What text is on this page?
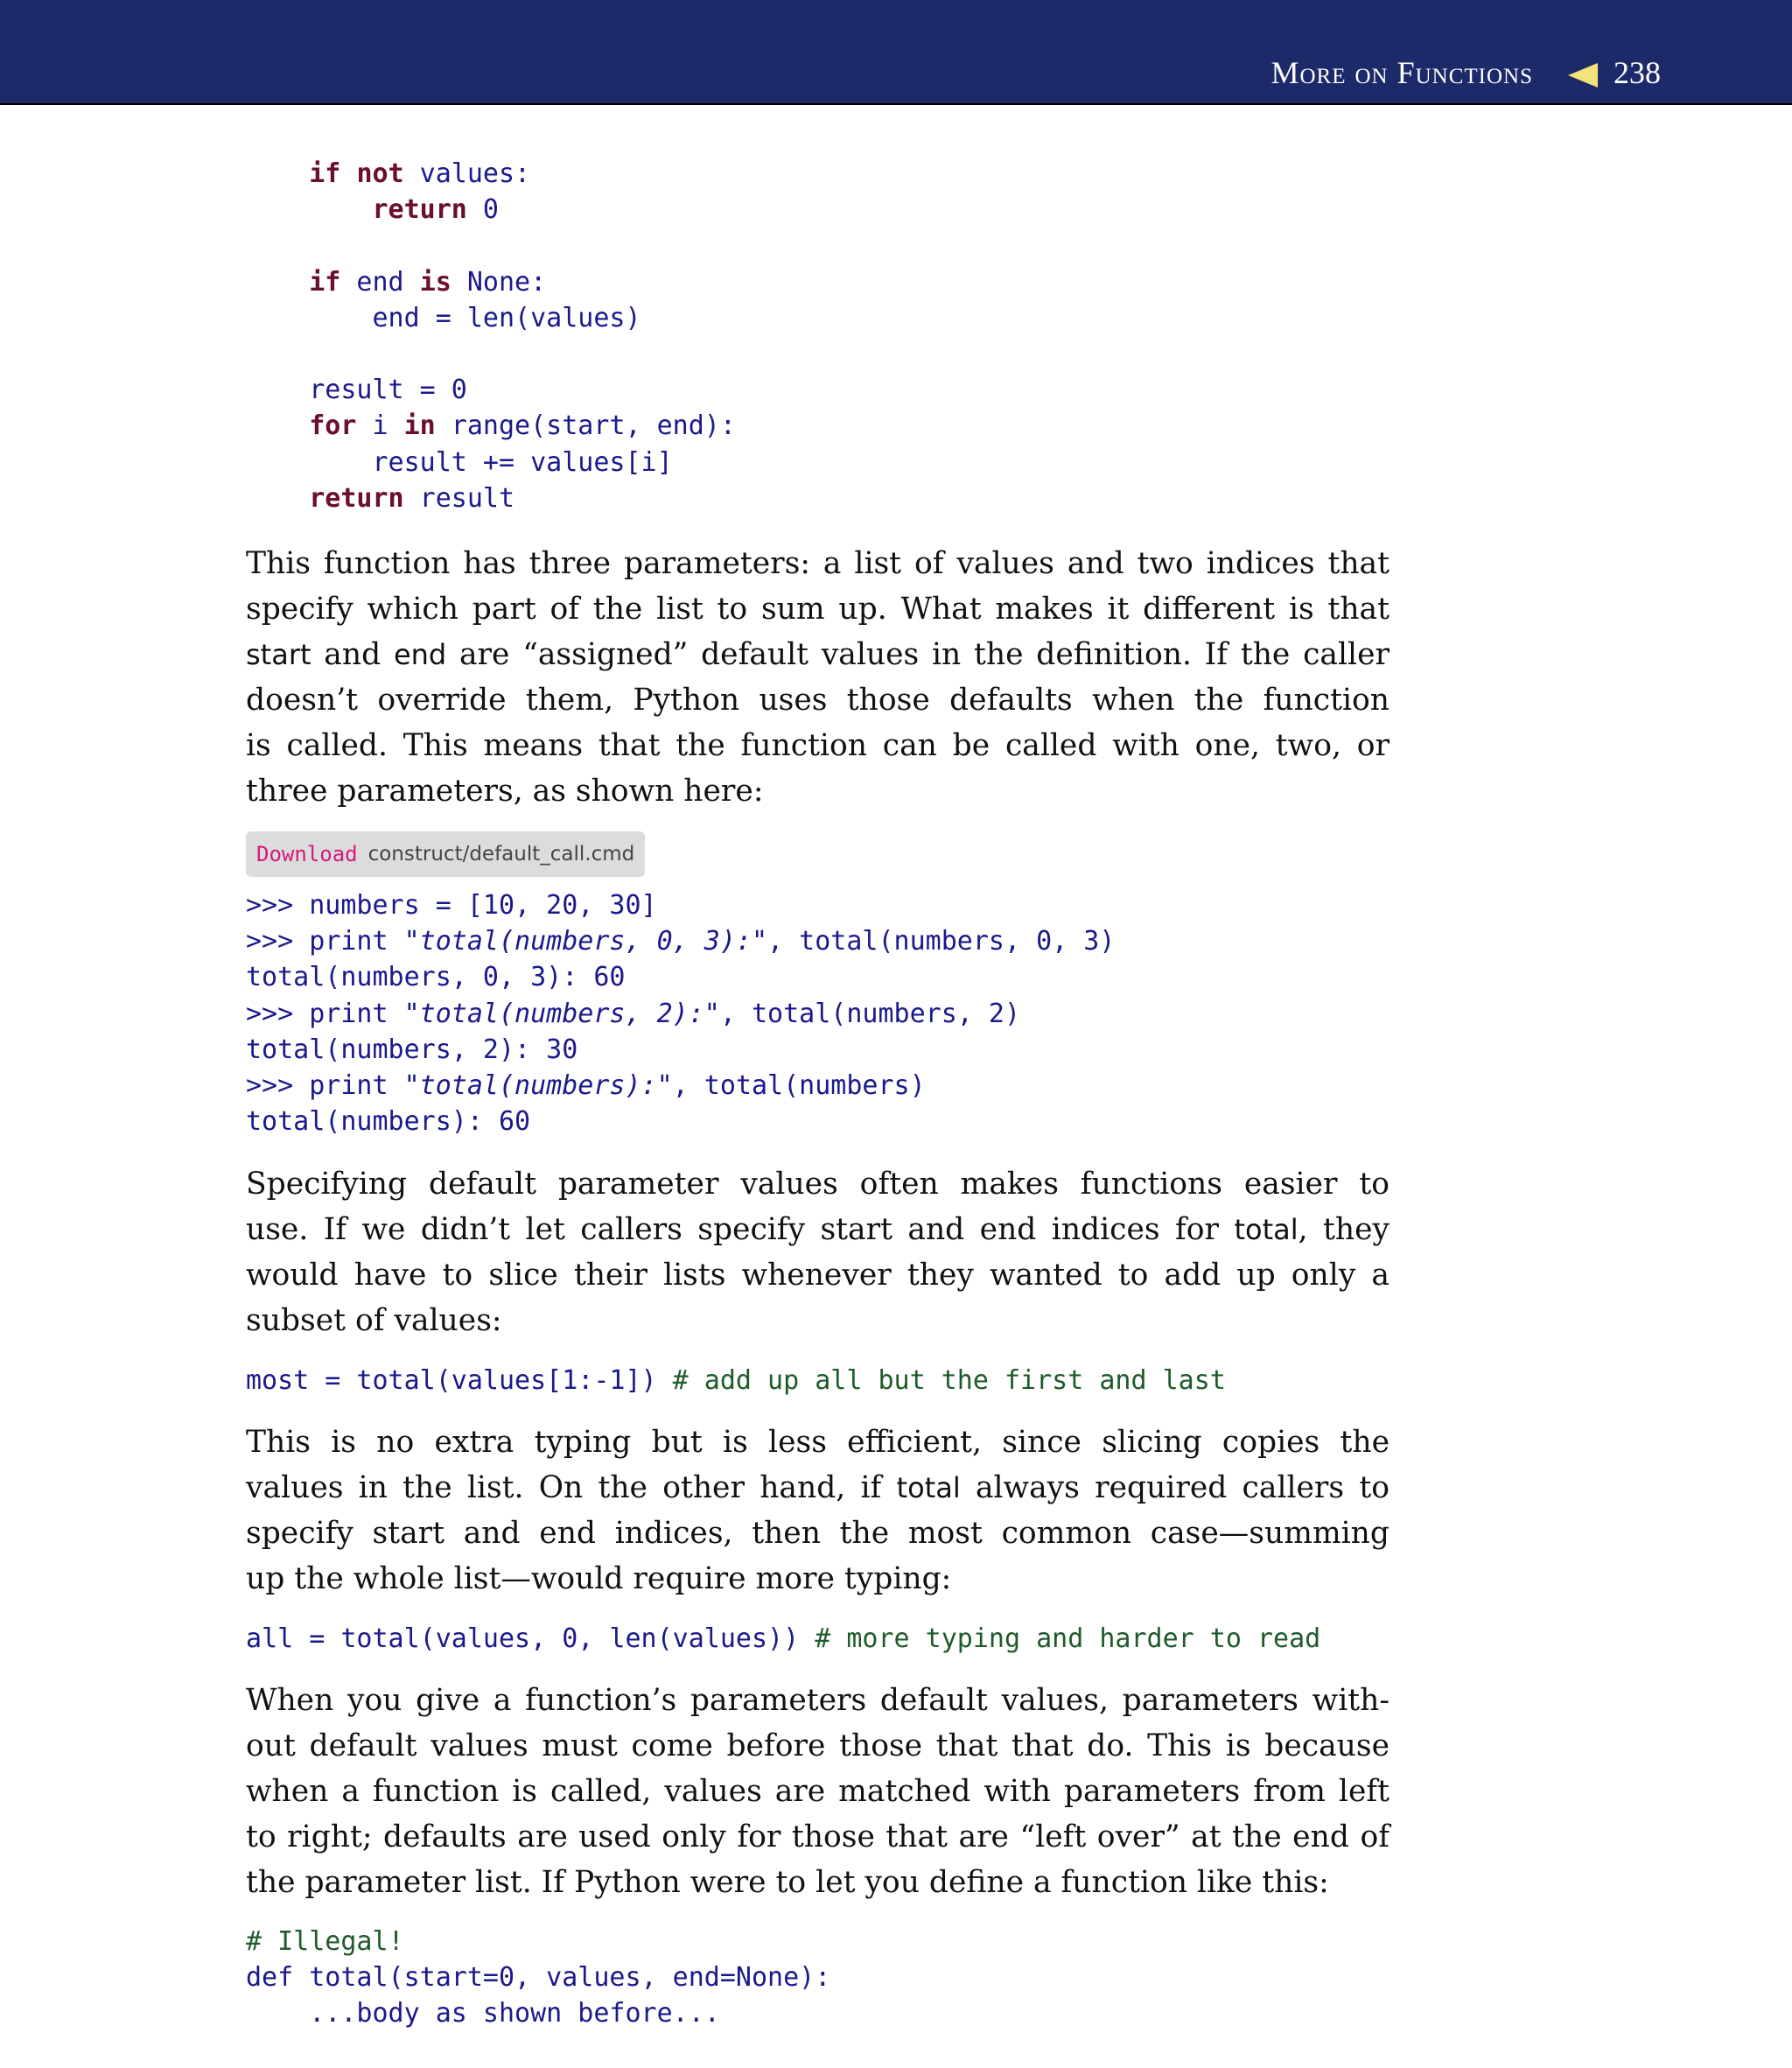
More on Functions	238
if not values:
return 0

if end is None:
end = len(values)

result = 0
for i in range(start, end):
result += values[i]
return result
This function has three parameters: a list of values and two indices that
specify which part of the list to sum up. What makes it different is that
start and end are “assigned” default values in the definition. If the caller
doesn’t override them, Python uses those defaults when the function
is called. This means that the function can be called with one, two, or
three parameters, as shown here:
Download construct/default_call.cmd
>>> numbers = [10, 20, 30]
>>> print "total(numbers, 0, 3):", total(numbers, 0, 3)
total(numbers, 0, 3): 60
>>> print "total(numbers, 2):", total(numbers, 2)
total(numbers, 2): 30
>>> print "total(numbers):", total(numbers)
total(numbers): 60
Specifying default parameter values often makes functions easier to
use. If we didn’t let callers specify start and end indices for total, they
would have to slice their lists whenever they wanted to add up only a
subset of values:
most = total(values[1:-1]) # add up all but the first and last
This is no extra typing but is less efficient, since slicing copies the
values in the list. On the other hand, if total always required callers to
specify start and end indices, then the most common case—summing
up the whole list—would require more typing:
all = total(values, 0, len(values)) # more typing and harder to read
When you give a function’s parameters default values, parameters with-
out default values must come before those that that do. This is because
when a function is called, values are matched with parameters from left
to right; defaults are used only for those that are “left over” at the end of
the parameter list. If Python were to let you define a function like this:
# Illegal!
def total(start=0, values, end=None):
...body as shown before...
